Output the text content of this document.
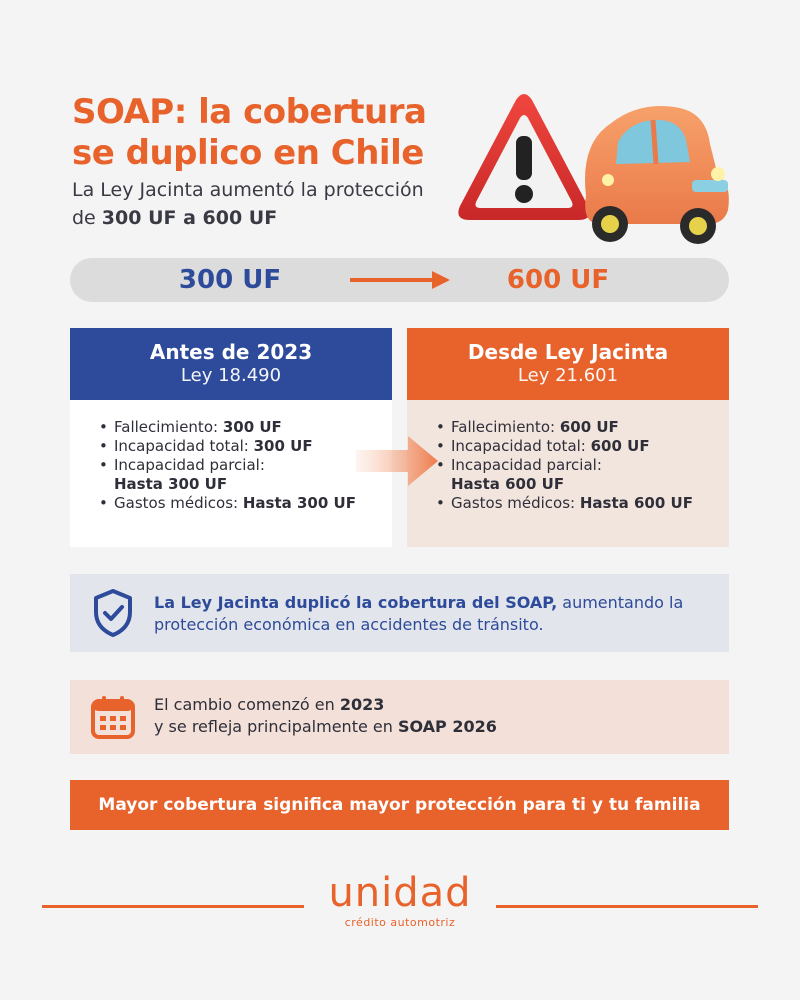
SOAP: la cobertura se duplico en Chile
La Ley Jacinta aumentó la protección de 300 UF a 600 UF
300 UF	600 UF
Antes de 2023
Ley 18.490
• Fallecimiento: 300 UF
• Incapacidad total: 300 UF
• Incapacidad parcial:
Hasta 300 UF
• Gastos médicos: Hasta 300 UF
Desde Ley Jacinta
Ley 21.601
• Fallecimiento: 600 UF
• Incapacidad total: 600 UF
• Incapacidad parcial:
Hasta 600 UF
• Gastos médicos: Hasta 600 UF
La Ley Jacinta duplicó la cobertura del SOAP, aumentando la protección económica en accidentes de tránsito.
El cambio comenzó en 2023
y se refleja principalmente en SOAP 2026
Mayor cobertura significa mayor protección para ti y tu familia
unidad
crédito automotriz
